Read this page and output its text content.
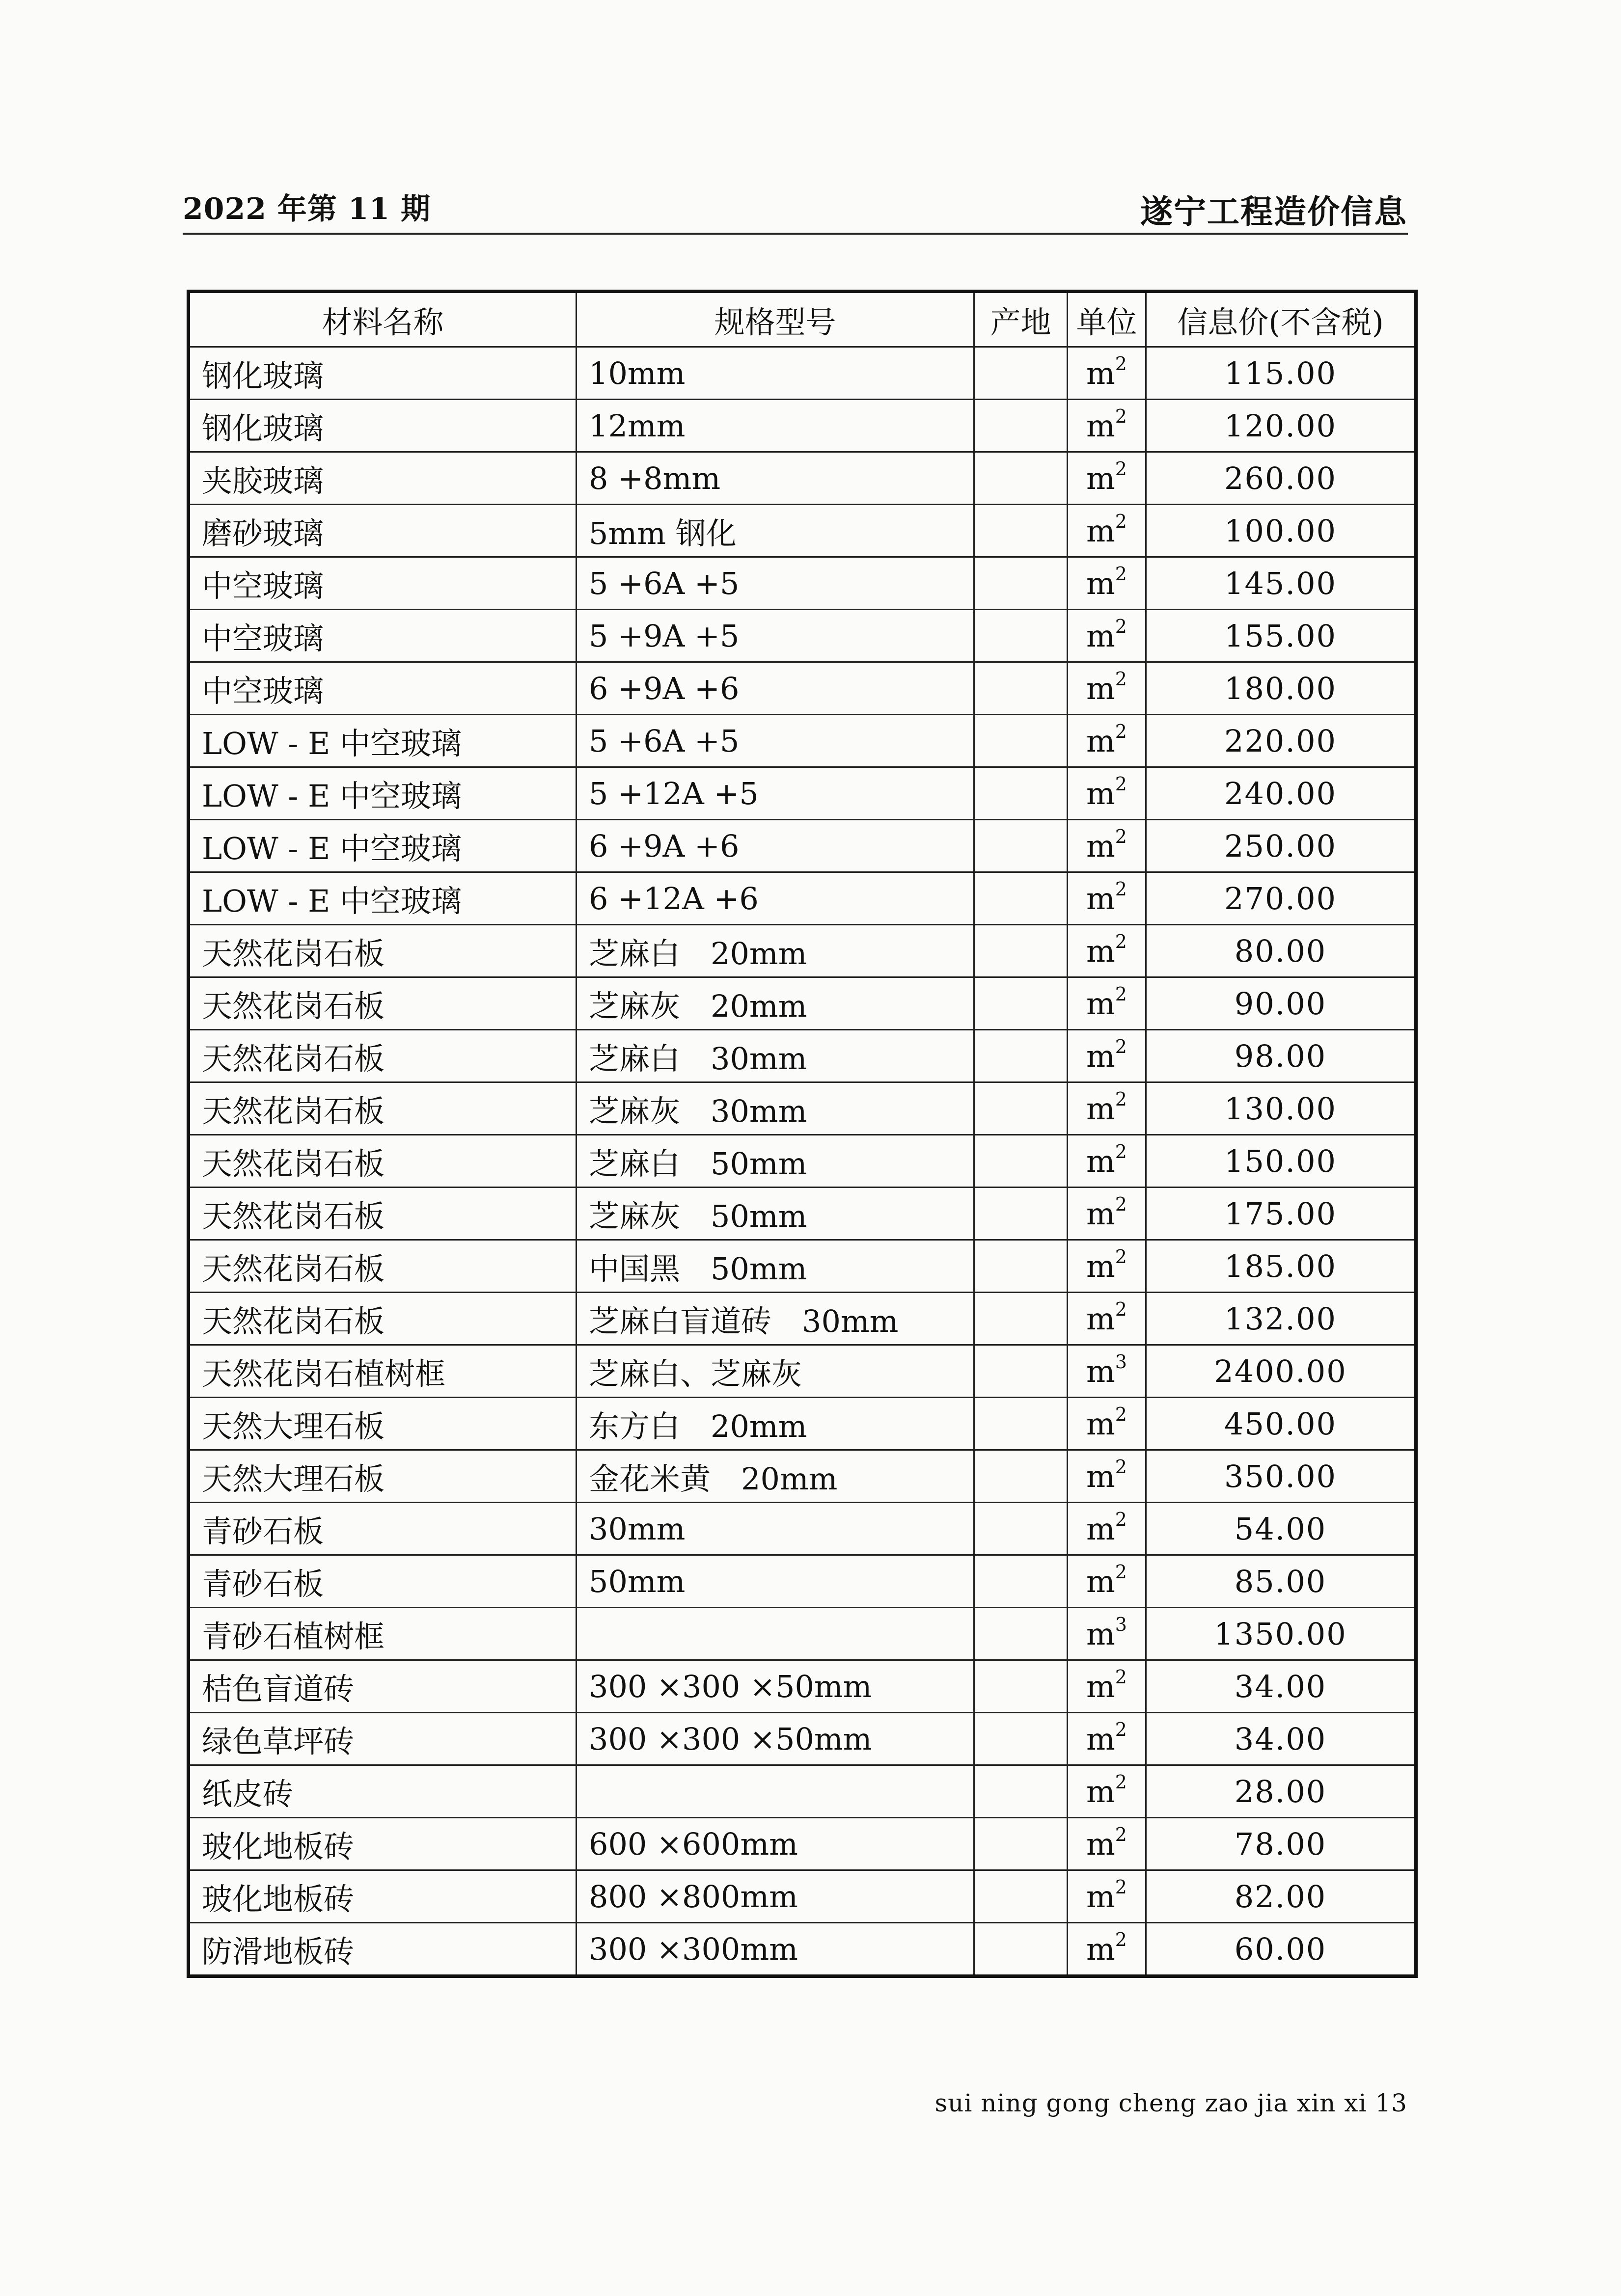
2022 年第 11 期	遂宁工程造价信息
材料名称	规格型号	产地	单位	信息价(不含税)
钢化玻璃	10mm		$m^2$	115.00
钢化玻璃	12mm		$m^2$	120.00
夹胶玻璃	8 +8mm		$m^2$	260.00
磨砂玻璃	5mm 钢化		$m^2$	100.00
中空玻璃	5 +6A +5		$m^2$	145.00
中空玻璃	5 +9A +5		$m^2$	155.00
中空玻璃	6 +9A +6		$m^2$	180.00
LOW - E 中空玻璃	5 +6A +5		$m^2$	220.00
LOW - E 中空玻璃	5 +12A +5		$m^2$	240.00
LOW - E 中空玻璃	6 +9A +6		$m^2$	250.00
LOW - E 中空玻璃	6 +12A +6		$m^2$	270.00
天然花岗石板	芝麻白　20mm		$m^2$	80.00
天然花岗石板	芝麻灰　20mm		$m^2$	90.00
天然花岗石板	芝麻白　30mm		$m^2$	98.00
天然花岗石板	芝麻灰　30mm		$m^2$	130.00
天然花岗石板	芝麻白　50mm		$m^2$	150.00
天然花岗石板	芝麻灰　50mm		$m^2$	175.00
天然花岗石板	中国黑　50mm		$m^2$	185.00
天然花岗石板	芝麻白盲道砖　30mm		$m^2$	132.00
天然花岗石植树框	芝麻白、芝麻灰		$m^3$	2400.00
天然大理石板	东方白　20mm		$m^2$	450.00
天然大理石板	金花米黄　20mm		$m^2$	350.00
青砂石板	30mm		$m^2$	54.00
青砂石板	50mm		$m^2$	85.00
青砂石植树框			$m^3$	1350.00
桔色盲道砖	300 ×300 ×50mm		$m^2$	34.00
绿色草坪砖	300 ×300 ×50mm		$m^2$	34.00
纸皮砖			$m^2$	28.00
玻化地板砖	600 ×600mm		$m^2$	78.00
玻化地板砖	800 ×800mm		$m^2$	82.00
防滑地板砖	300 ×300mm		$m^2$	60.00
sui ning gong cheng zao jia xin xi 13
